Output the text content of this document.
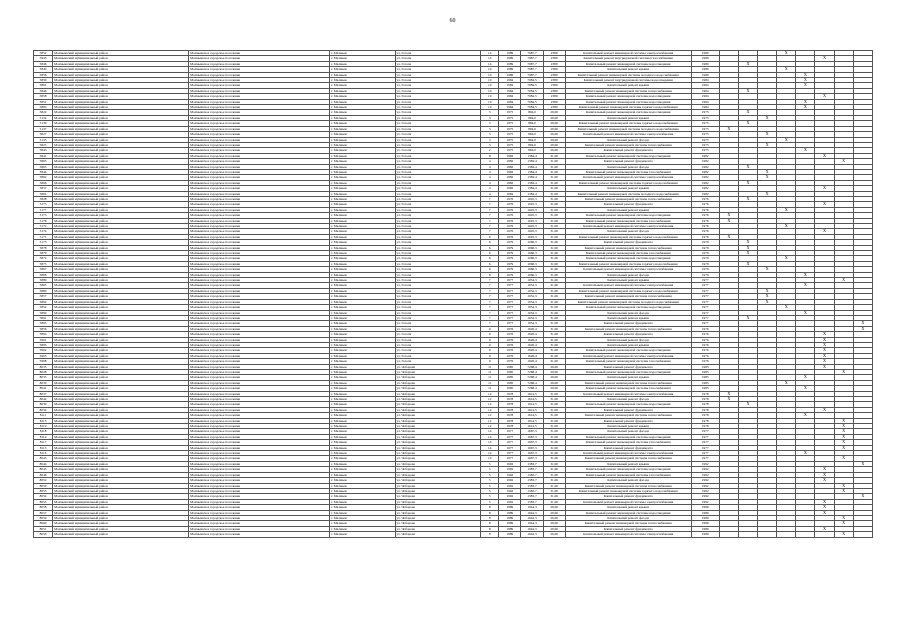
60
5852	Малмыжский муниципальный район	Малмыжское городское поселение	г. Малмыж	ул. Гоголя	14	1989	7987,7	2389	Капитальный ремонт инженерной системы электроснабжения	1989				X				
5943	Малмыжский муниципальный район	Малмыжское городское поселение	г. Малмыж	ул. Гоголя	14	1989	7987,7	2389	Капитальный ремонт внутридомовой системы газоснабжения	1989						X		
5846	Малмыжский муниципальный район	Малмыжское городское поселение	г. Малмыж	ул. Гоголя	14	1989	7987,7	2389	Капитальный ремонт инженерной системы водоотведения	1989		X						
5840	Малмыжский муниципальный район	Малмыжское городское поселение	г. Малмыж	ул. Гоголя	10	1989	7987,7	2389	Капитальный ремонт крыши	1989				X				
5856	Малмыжский муниципальный район	Малмыжское городское поселение	г. Малмыж	ул. Гоголя	10	1989	7987,7	2389	Капитальный ремонт инженерной системы холодного водоснабжения	1989					X			
5859	Малмыжский муниципальный район	Малмыжское городское поселение	г. Малмыж	ул. Гоголя	10	1984	7084,5	2389	Капитальный ремонт внутридомовой системы водоотведения	1984					X			
5861	Малмыжский муниципальный район	Малмыжское городское поселение	г. Малмыж	ул. Гоголя	10	1984	7084,5	2389	Капитальный ремонт крыши	1984					X			
5846	Малмыжский муниципальный район	Малмыжское городское поселение	г. Малмыж	ул. Гоголя	10	1984	7084,5	2389	Капитальный ремонт инженерной системы теплоснабжения	1984		X						
5858	Малмыжский муниципальный район	Малмыжское городское поселение	г. Малмыж	ул. Гоголя	10	1984	7084,5	2389	Капитальный ремонт инженерной системы водоотведения	1984						X		
5851	Малмыжский муниципальный район	Малмыжское городское поселение	г. Малмыж	ул. Гоголя	10	1984	7084,5	2389	Капитальный ремонт инженерной системы водоотведения	1984					X			
5860	Малмыжский муниципальный район	Малмыжское городское поселение	г. Малмыж	ул. Гоголя	10	1984	7084,5	2389	Капитальный ремонт инженерной системы горячего водоснабжения	1984					X			
5822	Малмыжский муниципальный район	Малмыжское городское поселение	г. Малмыж	ул. Гоголя	3	1975	894,0	29,00	Капитальный ремонт инженерной системы водоотведения	1975		X						
5134	Малмыжский муниципальный район	Малмыжское городское поселение	г. Малмыж	ул. Гоголя	3	1975	894,0	29,00	Капитальный ремонт крыши	1975			X					
5139	Малмыжский муниципальный район	Малмыжское городское поселение	г. Малмыж	ул. Гоголя	3	1975	894,0	29,00	Капитальный ремонт инженерной системы горячего водоснабжения	1975		X						
5137	Малмыжский муниципальный район	Малмыжское городское поселение	г. Малмыж	ул. Гоголя	3	1975	894,0	29,00	Капитальный ремонт инженерной системы холодного водоснабжения	1975	X							
5827	Малмыжский муниципальный район	Малмыжское городское поселение	г. Малмыж	ул. Гоголя	3	1975	894,0	29,00	Капитальный ремонт инженерной системы электроснабжения	1975			X					
5133	Малмыжский муниципальный район	Малмыжское городское поселение	г. Малмыж	ул. Гоголя	3	1975	894,0	29,00	Капитальный ремонт фасада	1975				X				
5825	Малмыжский муниципальный район	Малмыжское городское поселение	г. Малмыж	ул. Гоголя	3	1975	894,0	29,00	Капитальный ремонт инженерной системы теплоснабжения	1975			X					
5845	Малмыжский муниципальный район	Малмыжское городское поселение	г. Малмыж	ул. Гоголя	2	1975	894,0	29,00	Капитальный ремонт фундамента	1975					X			
5841	Малмыжский муниципальный район	Малмыжское городское поселение	г. Малмыж	ул. Гоголя	8	1982	1384,4	31,00	Капитальный ремонт инженерной системы водоотведения	1982						X		
5865	Малмыжский муниципальный район	Малмыжское городское поселение	г. Малмыж	ул. Гоголя	4	1982	1384,4	31,00	Капитальный ремонт фундамента	1982							X	
5863	Малмыжский муниципальный район	Малмыжское городское поселение	г. Малмыж	ул. Гоголя	4	1982	1384,4	31,00	Капитальный ремонт фасада	1982		X						
5844	Малмыжский муниципальный район	Малмыжское городское поселение	г. Малмыж	ул. Гоголя	4	1982	1384,4	31,00	Капитальный ремонт инженерной системы газоснабжения	1982			X					
5862	Малмыжский муниципальный район	Малмыжское городское поселение	г. Малмыж	ул. Гоголя	4	1982	1384,4	31,00	Капитальный ремонт инженерной системы электроснабжения	1982			X					
5866	Малмыжский муниципальный район	Малмыжское городское поселение	г. Малмыж	ул. Гоголя	4	1982	1384,4	31,00	Капитальный ремонт инженерной системы горячего водоснабжения	1982		X						
5857	Малмыжский муниципальный район	Малмыжское городское поселение	г. Малмыж	ул. Гоголя	4	1982	1384,4	31,00	Капитальный ремонт крыши	1982						X		
5861	Малмыжский муниципальный район	Малмыжское городское поселение	г. Малмыж	ул. Гоголя	4	1982	1384,4	31,00	Капитальный ремонт инженерной системы холодного водоснабжения	1982			X					
5828	Малмыжский муниципальный район	Малмыжское городское поселение	г. Малмыж	ул. Гоголя	7	1976	1045,3	31,00	Капитальный ремонт инженерной системы теплоснабжения	1976		X						
5175	Малмыжский муниципальный район	Малмыжское городское поселение	г. Малмыж	ул. Гоголя	7	1976	1045,3	31,00	Капитальный ремонт фундамента	1976						X		
5177	Малмыжский муниципальный район	Малмыжское городское поселение	г. Малмыж	ул. Гоголя	7	1976	1045,3	31,00	Капитальный ремонт крыши	1976				X				
5173	Малмыжский муниципальный район	Малмыжское городское поселение	г. Малмыж	ул. Гоголя	7	1976	1045,3	31,00	Капитальный ремонт инженерной системы водоотведения	1976	X							
5176	Малмыжский муниципальный район	Малмыжское городское поселение	г. Малмыж	ул. Гоголя	7	1976	1045,3	31,00	Капитальный ремонт инженерной системы газоснабжения	1976	X							
5172	Малмыжский муниципальный район	Малмыжское городское поселение	г. Малмыж	ул. Гоголя	7	1976	1045,3	31,00	Капитальный ремонт инженерной системы электроснабжения	1976				X				
5174	Малмыжский муниципальный район	Малмыжское городское поселение	г. Малмыж	ул. Гоголя	7	1976	1045,3	31,00	Капитальный ремонт фасада	1976						X		
5171	Малмыжский муниципальный район	Малмыжское городское поселение	г. Малмыж	ул. Гоголя	6	1976	1045,3	31,00	Капитальный ремонт инженерной системы горячего водоснабжения	1976	X							
5175	Малмыжский муниципальный район	Малмыжское городское поселение	г. Малмыж	ул. Гоголя	6	1979	1060,3	31,00	Капитальный ремонт фундамента	1979		X						
5878	Малмыжский муниципальный район	Малмыжское городское поселение	г. Малмыж	ул. Гоголя	6	1979	1060,3	31,00	Капитальный ремонт инженерной системы теплоснабжения	1979		X						
5879	Малмыжский муниципальный район	Малмыжское городское поселение	г. Малмыж	ул. Гоголя	6	1979	1060,3	31,00	Капитальный ремонт инженерной системы газоснабжения	1979		X						
5872	Малмыжский муниципальный район	Малмыжское городское поселение	г. Малмыж	ул. Гоголя	6	1979	1060,3	31,00	Капитальный ремонт инженерной системы водоотведения	1979				X				
5873	Малмыжский муниципальный район	Малмыжское городское поселение	г. Малмыж	ул. Гоголя	6	1979	1060,3	31,00	Капитальный ремонт инженерной системы горячего водоснабжения	1979		X						
5867	Малмыжский муниципальный район	Малмыжское городское поселение	г. Малмыж	ул. Гоголя	6	1979	1060,3	31,00	Капитальный ремонт инженерной системы электроснабжения	1979			X					
5868	Малмыжский муниципальный район	Малмыжское городское поселение	г. Малмыж	ул. Гоголя	6	1979	1060,3	31,00	Капитальный ремонт фасада	1979					X			
5889	Малмыжский муниципальный район	Малмыжское городское поселение	г. Малмыж	ул. Гоголя	7	1977	1054,3	31,00	Капитальный ремонт крыши	1977							X	
5865	Малмыжский муниципальный район	Малмыжское городское поселение	г. Малмыж	ул. Гоголя	7	1977	1054,3	31,00	Капитальный ремонт инженерной системы электроснабжения	1977					X			
5869	Малмыжский муниципальный район	Малмыжское городское поселение	г. Малмыж	ул. Гоголя	7	1977	1054,3	31,00	Капитальный ремонт инженерной системы горячего водоснабжения	1977			X					
5857	Малмыжский муниципальный район	Малмыжское городское поселение	г. Малмыж	ул. Гоголя	7	1977	1054,3	31,00	Капитальный ремонт инженерной системы теплоснабжения	1977			X					
5892	Малмыжский муниципальный район	Малмыжское городское поселение	г. Малмыж	ул. Гоголя	7	1977	1054,3	31,00	Капитальный ремонт инженерной системы холодного водоснабжения	1977			X					
5854	Малмыжский муниципальный район	Малмыжское городское поселение	г. Малмыж	ул. Гоголя	7	1977	1054,3	31,00	Капитальный ремонт инженерной системы водоотведения	1977				X				
5890	Малмыжский муниципальный район	Малмыжское городское поселение	г. Малмыж	ул. Гоголя	7	1977	1054,3	31,00	Капитальный ремонт фасада	1977					X			
5891	Малмыжский муниципальный район	Малмыжское городское поселение	г. Малмыж	ул. Гоголя	7	1977	1054,3	31,00	Капитальный ремонт крыши	1977		X						
5893	Малмыжский муниципальный район	Малмыжское городское поселение	г. Малмыж	ул. Гоголя	7	1977	1054,3	31,00	Капитальный ремонт фундамента	1977								X
5856	Малмыжский муниципальный район	Малмыжское городское поселение	г. Малмыж	ул. Гоголя	9	1976	1626,4	31,00	Капитальный ремонт инженерной системы теплоснабжения	1976								X
5894	Малмыжский муниципальный район	Малмыжское городское поселение	г. Малмыж	ул. Гоголя	9	1976	1626,4	31,00	Капитальный ремонт фундамента	1976						X		
5901	Малмыжский муниципальный район	Малмыжское городское поселение	г. Малмыж	ул. Гоголя	9	1976	1626,4	31,00	Капитальный ремонт фасада	1976						X		
5895	Малмыжский муниципальный район	Малмыжское городское поселение	г. Малмыж	ул. Гоголя	9	1976	1626,4	31,00	Капитальный ремонт крыши	1976						X		
5902	Малмыжский муниципальный район	Малмыжское городское поселение	г. Малмыж	ул. Гоголя	9	1976	1626,4	31,00	Капитальный ремонт инженерной системы водоотведения	1976						X		
5903	Малмыжский муниципальный район	Малмыжское городское поселение	г. Малмыж	ул. Гоголя	9	1976	1626,4	31,00	Капитальный ремонт инженерной системы электроснабжения	1976						X		
5908	Малмыжский муниципальный район	Малмыжское городское поселение	г. Малмыж	ул. Гоголя	9	1976	1626,4	31,00	Капитальный ремонт инженерной системы газоснабжения	1976						X		
8035	Малмыжский муниципальный район	Малмыжское городское поселение	г. Малмыж	ул. Чобарова	11	1985	7268,4	29,00	Капитальный ремонт фундамента	1985						X		
8028	Малмыжский муниципальный район	Малмыжское городское поселение	г. Малмыж	ул. Чобарова	11	1985	7268,4	29,00	Капитальный ремонт инженерной системы водоотведения	1985							X	
8033	Малмыжский муниципальный район	Малмыжское городское поселение	г. Малмыж	ул. Чобарова	11	1985	7268,4	29,00	Капитальный ремонт крыши	1985					X			
8030	Малмыжский муниципальный район	Малмыжское городское поселение	г. Малмыж	ул. Чобарова	11	1985	7268,4	29,00	Капитальный ремонт инженерной системы теплоснабжения	1985				X				
8041	Малмыжский муниципальный район	Малмыжское городское поселение	г. Малмыж	ул. Чобарова	11	1985	7268,4	29,00	Капитальный ремонт инженерной системы газоснабжения	1985					X			
8037	Малмыжский муниципальный район	Малмыжское городское поселение	г. Малмыж	ул. Чобарова	12	1978	1614,5	31,00	Капитальный ремонт инженерной системы электроснабжения	1978	X							
8042	Малмыжский муниципальный район	Малмыжское городское поселение	г. Малмыж	ул. Чобарова	12	1978	1614,5	31,00	Капитальный ремонт фасада	1978	X							
8039	Малмыжский муниципальный район	Малмыжское городское поселение	г. Малмыж	ул. Чобарова	12	1978	1614,5	31,00	Капитальный ремонт инженерной системы водоотведения	1978		X						
8034	Малмыжский муниципальный район	Малмыжское городское поселение	г. Малмыж	ул. Чобарова	12	1978	1614,5	31,00	Капитальный ремонт фундамента	1978						X		
8111	Малмыжский муниципальный район	Малмыжское городское поселение	г. Малмыж	ул. Чобарова	12	1978	1614,5	31,00	Капитальный ремонт инженерной системы теплоснабжения	1978					X			
8113	Малмыжский муниципальный район	Малмыжское городское поселение	г. Малмыж	ул. Чобарова	12	1978	1614,5	31,00	Капитальный ремонт фундамента	1978							X	
8119	Малмыжский муниципальный район	Малмыжское городское поселение	г. Малмыж	ул. Чобарова	12	1978	1614,5	31,00	Капитальный ремонт крыши	1978							X	
8118	Малмыжский муниципальный район	Малмыжское городское поселение	г. Малмыж	ул. Чобарова	14	1977	1667,3	31,00	Капитальный ремонт фасада	1977							X	
8114	Малмыжский муниципальный район	Малмыжское городское поселение	г. Малмыж	ул. Чобарова	14	1977	1667,3	31,00	Капитальный ремонт инженерной системы водоотведения	1977							X	
8117	Малмыжский муниципальный район	Малмыжское городское поселение	г. Малмыж	ул. Чобарова	14	1977	1667,3	31,00	Капитальный ремонт инженерной системы газоснабжения	1977							X	
8115	Малмыжский муниципальный район	Малмыжское городское поселение	г. Малмыж	ул. Чобарова	14	1977	1667,3	31,00	Капитальный ремонт фундамента	1977							X	
8116	Малмыжский муниципальный район	Малмыжское городское поселение	г. Малмыж	ул. Чобарова	14	1977	1667,3	31,00	Капитальный ремонт инженерной системы электроснабжения	1977					X			
8043	Малмыжский муниципальный район	Малмыжское городское поселение	г. Малмыж	ул. Чобарова	14	1977	1667,3	31,00	Капитальный ремонт инженерной системы теплоснабжения	1977							X	
8044	Малмыжский муниципальный район	Малмыжское городское поселение	г. Малмыж	ул. Чобарова	5	1992	1383,7	31,00	Капитальный ремонт крыши	1992								X
8045	Малмыжский муниципальный район	Малмыжское городское поселение	г. Малмыж	ул. Чобарова	5	1992	1383,7	31,00	Капитальный ремонт инженерной системы водоотведения	1992						X		
8046	Малмыжский муниципальный район	Малмыжское городское поселение	г. Малмыж	ул. Чобарова	5	1992	1383,7	31,00	Капитальный ремонт инженерной системы газоснабжения	1992						X		
8052	Малмыжский муниципальный район	Малмыжское городское поселение	г. Малмыж	ул. Чобарова	5	1992	1383,7	31,00	Капитальный ремонт фасада	1992						X		
8050	Малмыжский муниципальный район	Малмыжское городское поселение	г. Малмыж	ул. Чобарова	5	1992	1383,7	31,00	Капитальный ремонт инженерной системы теплоснабжения	1992							X	
8053	Малмыжский муниципальный район	Малмыжское городское поселение	г. Малмыж	ул. Чобарова	5	1992	1383,7	31,00	Капитальный ремонт инженерной системы горячего водоснабжения	1992							X	
8054	Малмыжский муниципальный район	Малмыжское городское поселение	г. Малмыж	ул. Чобарова	5	1992	1383,7	31,00	Капитальный ремонт фундамента	1992								X
8055	Малмыжский муниципальный район	Малмыжское городское поселение	г. Малмыж	ул. Чобарова	5	1992	1383,7	31,00	Капитальный ремонт инженерной системы электроснабжения	1992						X		
8058	Малмыжский муниципальный район	Малмыжское городское поселение	г. Малмыж	ул. Чобарова	8	1989	1944,3	29,00	Капитальный ремонт крыши	1989						X		
8057	Малмыжский муниципальный район	Малмыжское городское поселение	г. Малмыж	ул. Чобарова	8	1989	1944,3	29,00	Капитальный ремонт инженерной системы водоотведения	1989						X		
8059	Малмыжский муниципальный район	Малмыжское городское поселение	г. Малмыж	ул. Чобарова	8	1989	1944,3	29,00	Капитальный ремонт фасада	1989							X	
8060	Малмыжский муниципальный район	Малмыжское городское поселение	г. Малмыж	ул. Чобарова	8	1989	1944,3	29,00	Капитальный ремонт инженерной системы теплоснабжения	1989							X	
8051	Малмыжский муниципальный район	Малмыжское городское поселение	г. Малмыж	ул. Чобарова	8	1989	1944,3	29,00	Капитальный ремонт фундамента	1989						X		
8056	Малмыжский муниципальный район	Малмыжское городское поселение	г. Малмыж	ул. Чобарова	8	1989	1944,3	29,00	Капитальный ремонт инженерной системы электроснабжения	1989							X	
